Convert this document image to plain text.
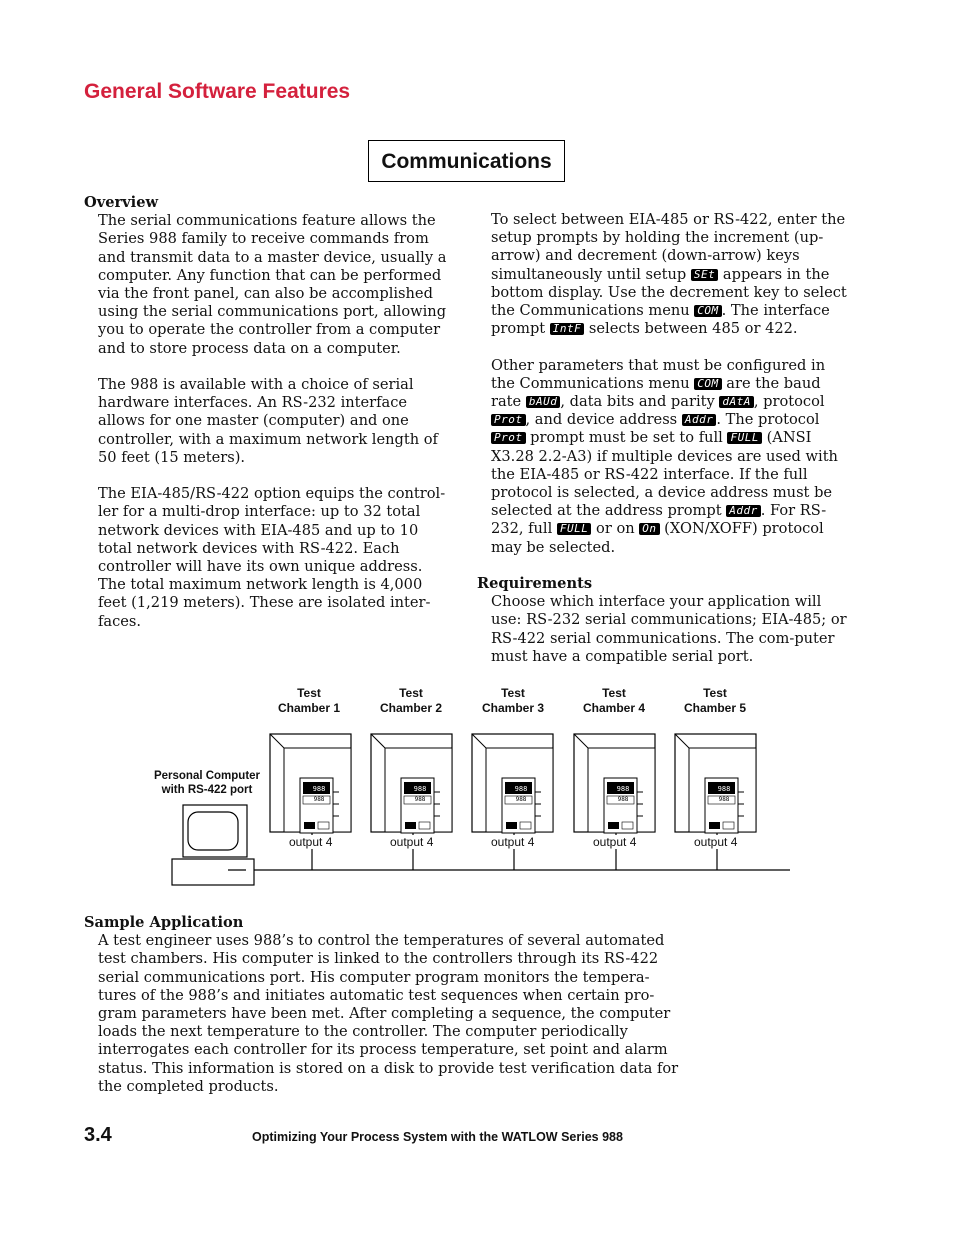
General Software Features
Communications
Overview

The serial communications feature allows the Series 988 family to receive commands from and transmit data to a master device, usually a computer. Any function that can be performed via the front panel, can also be accomplished using the serial communications port, allowing you to operate the controller from a computer and to store process data on a computer.

The 988 is available with a choice of serial hardware interfaces. An RS-232 interface allows for one master (computer) and one controller, with a maximum network length of 50 feet (15 meters).

The EIA-485/RS-422 option equips the control-ler for a multi-drop interface: up to 32 total network devices with EIA-485 and up to 10 total network devices with RS-422. Each controller will have its own unique address. The total maximum network length is 4,000 feet (1,219 meters). These are isolated inter-faces.

To select between EIA-485 or RS-422, enter the setup prompts by holding the increment (up-arrow) and decrement (down-arrow) keys simultaneously until setup SEt appears in the bottom display. Use the decrement key to select the Communications menu COM . The interface prompt IntF selects between 485 or 422.

Other parameters that must be configured in the Communications menu COM are the baud rate bAUd , data bits and parity dAtA , protocol Prot , and device address Addr . The protocol Prot prompt must be set to full FULL (ANSI X3.28 2.2-A3) if multiple devices are used with the EIA-485 or RS-422 interface. If the full protocol is selected, a device address must be selected at the address prompt Addr . For RS-232, full FULL or on On (XON/XOFF) protocol may be selected.

Requirements

Choose which interface your application will use: RS-232 serial communications; EIA-485; or RS-422 serial communications. The com-puter must have a compatible serial port.

Personal Computer
with RS-422 port
Test
Chamber 1
Test
Chamber 2
Test
Chamber 3
Test
Chamber 4
Test
Chamber 5
988	988	988	988	988
988	988	988	988	988
output 4	output 4	output 4	output 4	output 4
Sample Application

A test engineer uses 988’s to control the temperatures of several automated test chambers. His computer is linked to the controllers through its RS-422 serial communications port. His computer program monitors the tempera-tures of the 988’s and initiates automatic test sequences when certain pro-gram parameters have been met. After completing a sequence, the computer loads the next temperature to the controller. The computer periodically interrogates each controller for its process temperature, set point and alarm status. This information is stored on a disk to provide test verification data for the completed products.

3.4	Optimizing Your Process System with the WATLOW Series 988
